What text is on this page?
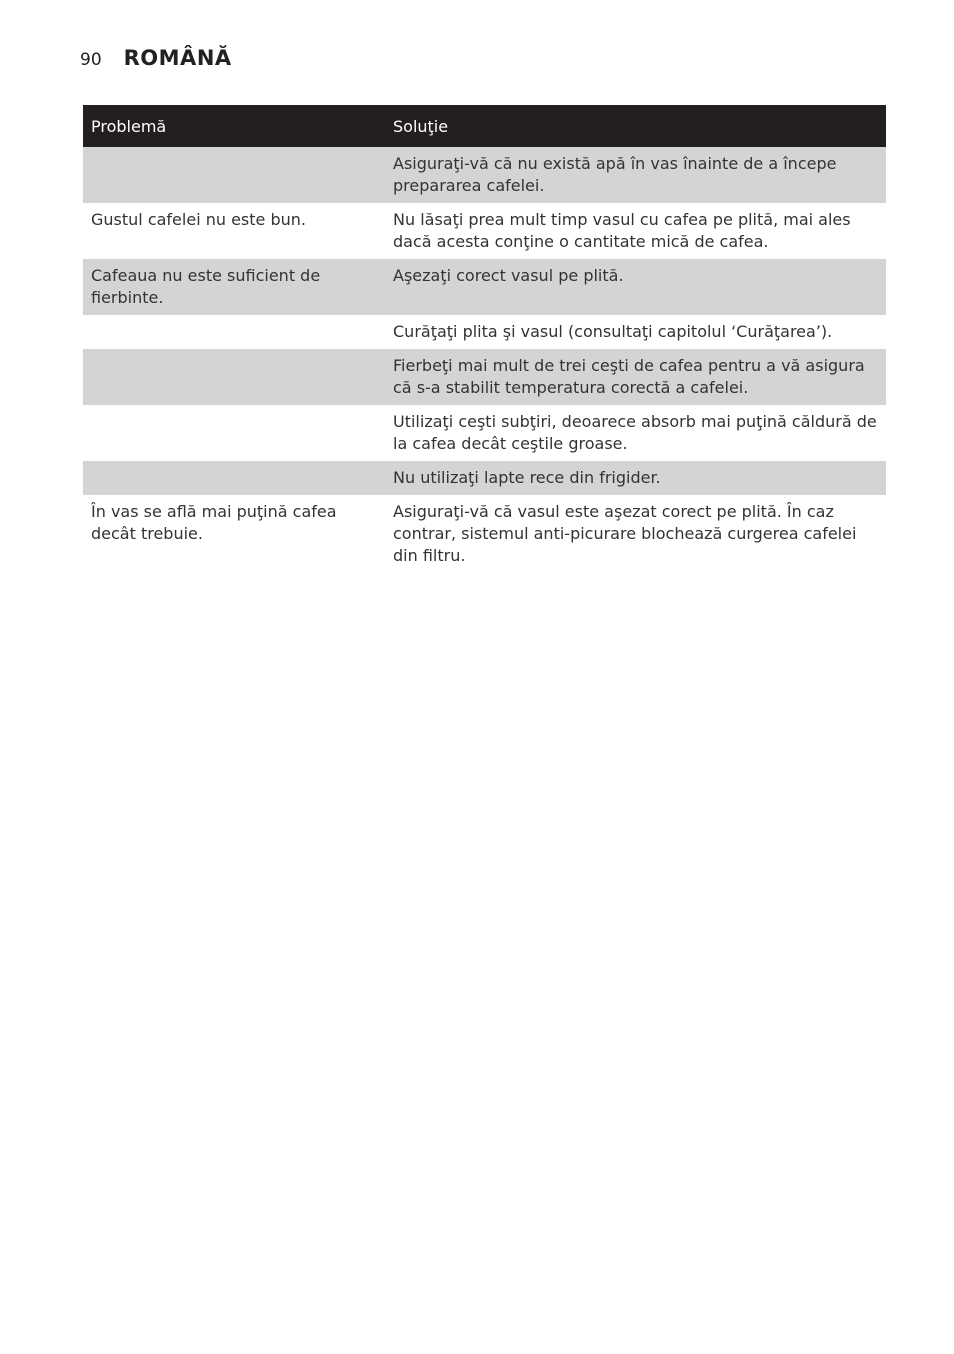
90 ROMÂNĂ
Problemă	Soluţie
	Asiguraţi-vă că nu există apă în vas înainte de a începe prepararea cafelei.
Gustul cafelei nu este bun.	Nu lăsaţi prea mult timp vasul cu cafea pe plită, mai ales dacă acesta conţine o cantitate mică de cafea.
Cafeaua nu este suficient de fierbinte.	Aşezaţi corect vasul pe plită.
	Curăţaţi plita şi vasul (consultaţi capitolul ‘Curăţarea’).
	Fierbeţi mai mult de trei ceşti de cafea pentru a vă asigura că s-a stabilit temperatura corectă a cafelei.
	Utilizaţi ceşti subţiri, deoarece absorb mai puţină căldură de la cafea decât ceştile groase.
	Nu utilizaţi lapte rece din frigider.
În vas se află mai puţină cafea decât trebuie.	Asiguraţi-vă că vasul este aşezat corect pe plită. În caz contrar, sistemul anti-picurare blochează curgerea cafelei din filtru.
